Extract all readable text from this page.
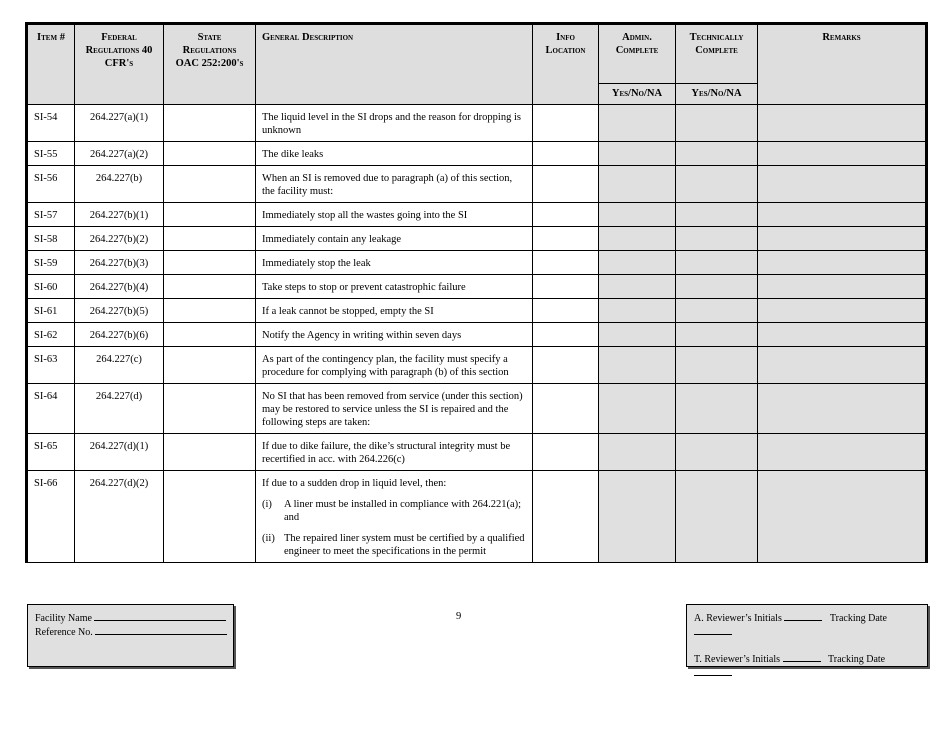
Item #	Federal Regulations 40 CFR's	State Regulations OAC 252:200's	General Description	Info Location	Admin. Complete	Technically Complete	Remarks
					Yes/No/NA	Yes/No/NA	
SI-54	264.227(a)(1)		The liquid level in the SI drops and the reason for dropping is unknown				

SI-55	264.227(a)(2)		The dike leaks				

SI-56	264.227(b)		When an SI is removed due to paragraph (a) of this section, the facility must:				

SI-57	264.227(b)(1)		Immediately stop all the wastes going into the SI				

SI-58	264.227(b)(2)		Immediately contain any leakage				

SI-59	264.227(b)(3)		Immediately stop the leak				

SI-60	264.227(b)(4)		Take steps to stop or prevent catastrophic failure				

SI-61	264.227(b)(5)		If a leak cannot be stopped, empty the SI				

SI-62	264.227(b)(6)		Notify the Agency in writing within seven days				

SI-63	264.227(c)		As part of the contingency plan, the facility must specify a procedure for complying with paragraph (b) of this section				

SI-64	264.227(d)		No SI that has been removed from service (under this section) may be restored to service unless the SI is repaired and the following steps are taken:				

SI-65	264.227(d)(1)		If due to dike failure, the dike’s structural integrity must be recertified in acc. with 264.226(c)				

SI-66	264.227(d)(2)		If due to a sudden drop in liquid level, then:
(i) A liner must be installed in compliance with 264.221(a); and
(ii) The repaired liner system must be certified by a qualified engineer to meet the specifications in the permit				

9
Facility Name
Reference No.
A. Reviewer’s Initials	Tracking Date

T. Reviewer’s Initials	Tracking Date
